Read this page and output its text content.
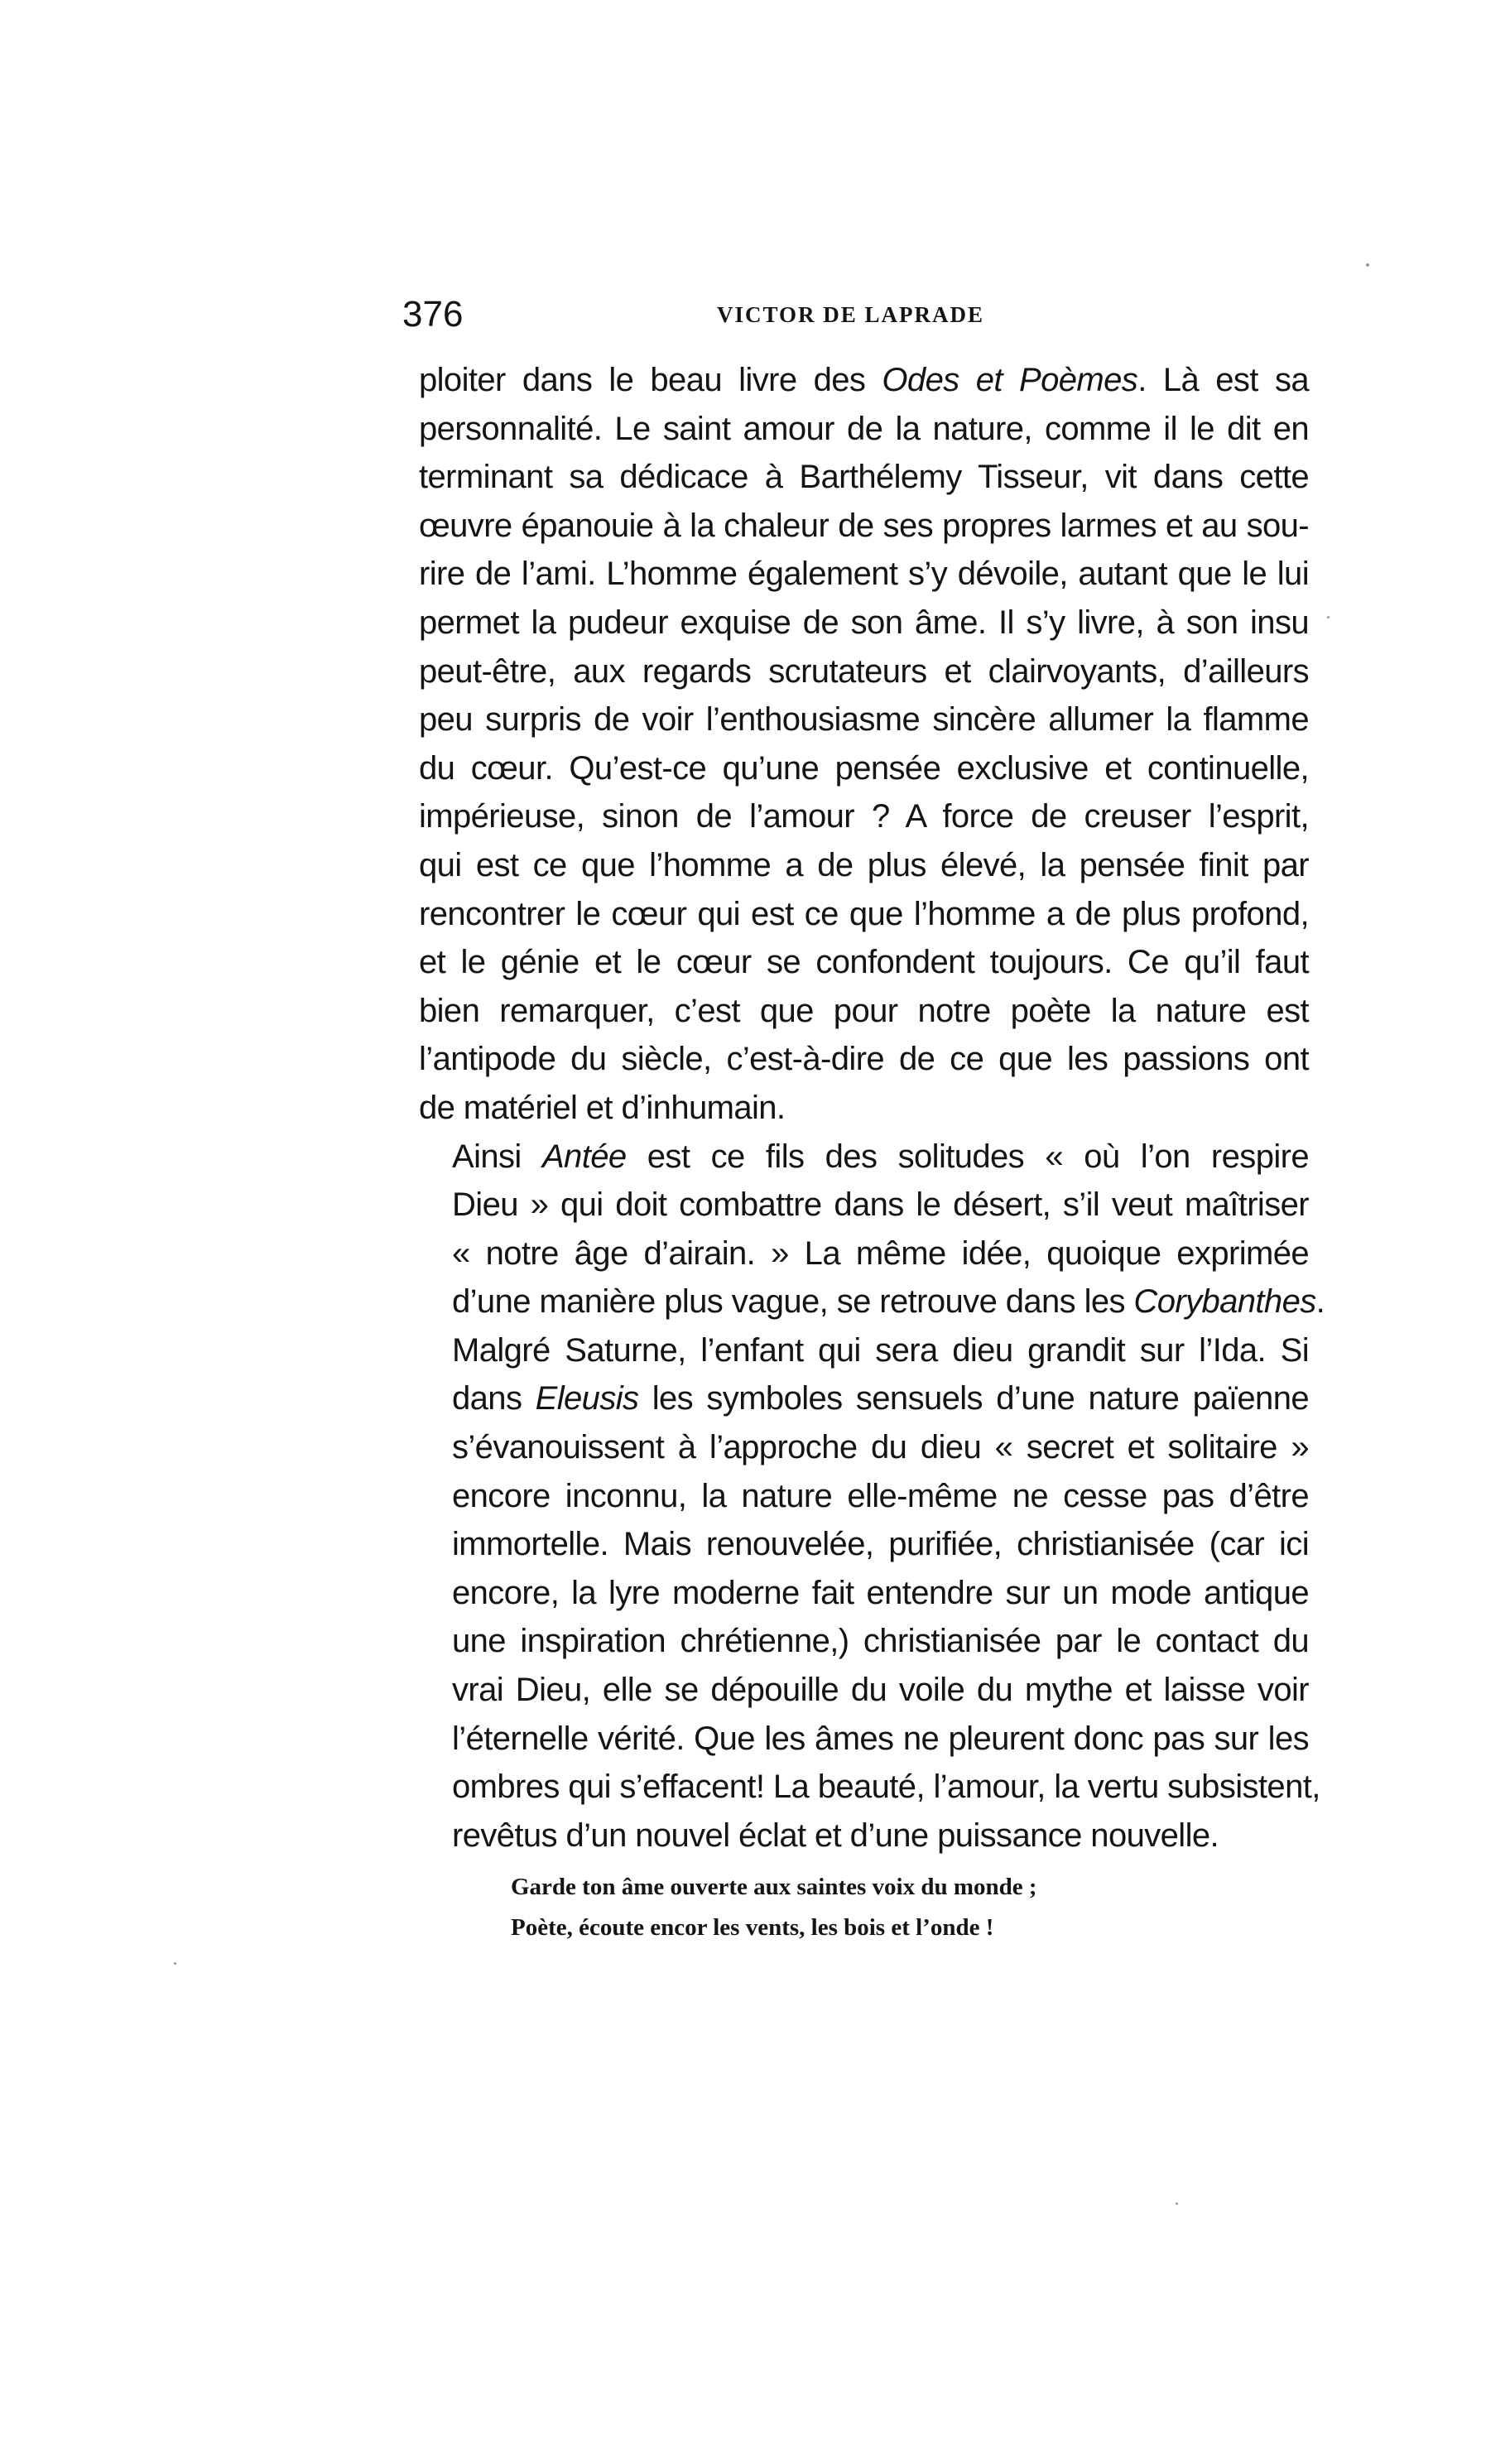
376	VICTOR DE LAPRADE

ploiter dans le beau livre des Odes et Poèmes. Là est sa
personnalité. Le saint amour de la nature, comme il le dit en
terminant sa dédicace à Barthélemy Tisseur, vit dans cette
œuvre épanouie à la chaleur de ses propres larmes et au sou-
rire de l’ami. L’homme également s’y dévoile, autant que le lui
permet la pudeur exquise de son âme. Il s’y livre, à son insu
peut-être, aux regards scrutateurs et clairvoyants, d’ailleurs
peu surpris de voir l’enthousiasme sincère allumer la flamme
du cœur. Qu’est-ce qu’une pensée exclusive et continuelle,
impérieuse, sinon de l’amour ? A force de creuser l’esprit,
qui est ce que l’homme a de plus élevé, la pensée finit par
rencontrer le cœur qui est ce que l’homme a de plus profond,
et le génie et le cœur se confondent toujours. Ce qu’il faut
bien remarquer, c’est que pour notre poète la nature est
l’antipode du siècle, c’est-à-dire de ce que les passions ont
de matériel et d’inhumain.

Ainsi Antée est ce fils des solitudes « où l’on respire
Dieu » qui doit combattre dans le désert, s’il veut maîtriser
« notre âge d’airain. » La même idée, quoique exprimée
d’une manière plus vague, se retrouve dans les Corybanthes.
Malgré Saturne, l’enfant qui sera dieu grandit sur l’Ida. Si
dans Eleusis les symboles sensuels d’une nature païenne
s’évanouissent à l’approche du dieu « secret et solitaire »
encore inconnu, la nature elle-même ne cesse pas d’être
immortelle. Mais renouvelée, purifiée, christianisée (car ici
encore, la lyre moderne fait entendre sur un mode antique
une inspiration chrétienne,) christianisée par le contact du
vrai Dieu, elle se dépouille du voile du mythe et laisse voir
l’éternelle vérité. Que les âmes ne pleurent donc pas sur les
ombres qui s’effacent! La beauté, l’amour, la vertu subsistent,
revêtus d’un nouvel éclat et d’une puissance nouvelle.

Garde ton âme ouverte aux saintes voix du monde ;
Poète, écoute encor les vents, les bois et l’onde !
